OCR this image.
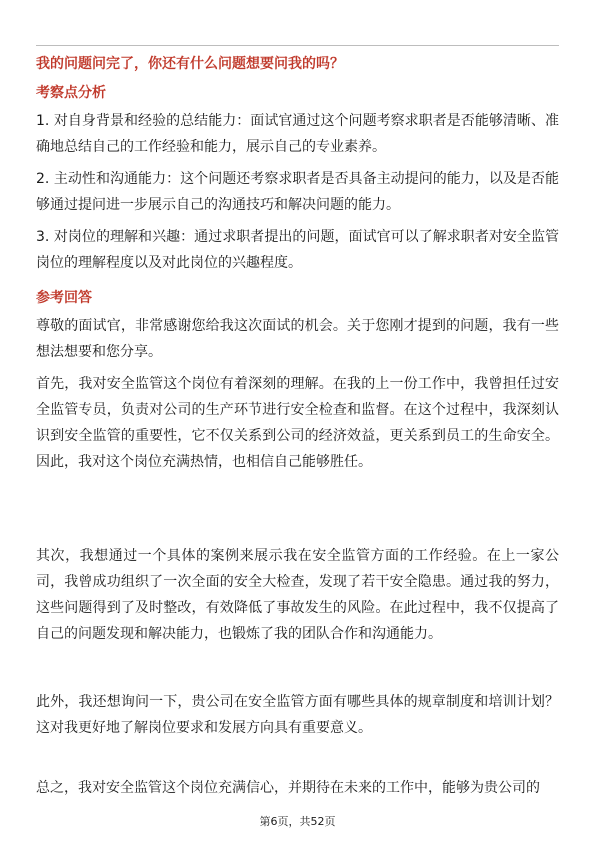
我的问题问完了，你还有什么问题想要问我的吗？
考察点分析

1. 对自身背景和经验的总结能力：面试官通过这个问题考察求职者是否能够清晰、准确地总结自己的工作经验和能力，展示自己的专业素养。

2. 主动性和沟通能力：这个问题还考察求职者是否具备主动提问的能力，以及是否能够通过提问进一步展示自己的沟通技巧和解决问题的能力。

3. 对岗位的理解和兴趣：通过求职者提出的问题，面试官可以了解求职者对安全监管岗位的理解程度以及对此岗位的兴趣程度。

参考回答

尊敬的面试官，非常感谢您给我这次面试的机会。关于您刚才提到的问题，我有一些想法想要和您分享。

首先，我对安全监管这个岗位有着深刻的理解。在我的上一份工作中，我曾担任过安全监管专员，负责对公司的生产环节进行安全检查和监督。在这个过程中，我深刻认识到安全监管的重要性，它不仅关系到公司的经济效益，更关系到员工的生命安全。因此，我对这个岗位充满热情，也相信自己能够胜任。

其次，我想通过一个具体的案例来展示我在安全监管方面的工作经验。在上一家公司，我曾成功组织了一次全面的安全大检查，发现了若干安全隐患。通过我的努力，这些问题得到了及时整改，有效降低了事故发生的风险。在此过程中，我不仅提高了自己的问题发现和解决能力，也锻炼了我的团队合作和沟通能力。

此外，我还想询问一下，贵公司在安全监管方面有哪些具体的规章制度和培训计划？这对我更好地了解岗位要求和发展方向具有重要意义。

总之，我对安全监管这个岗位充满信心，并期待在未来的工作中，能够为贵公司的

第6页，共52页
